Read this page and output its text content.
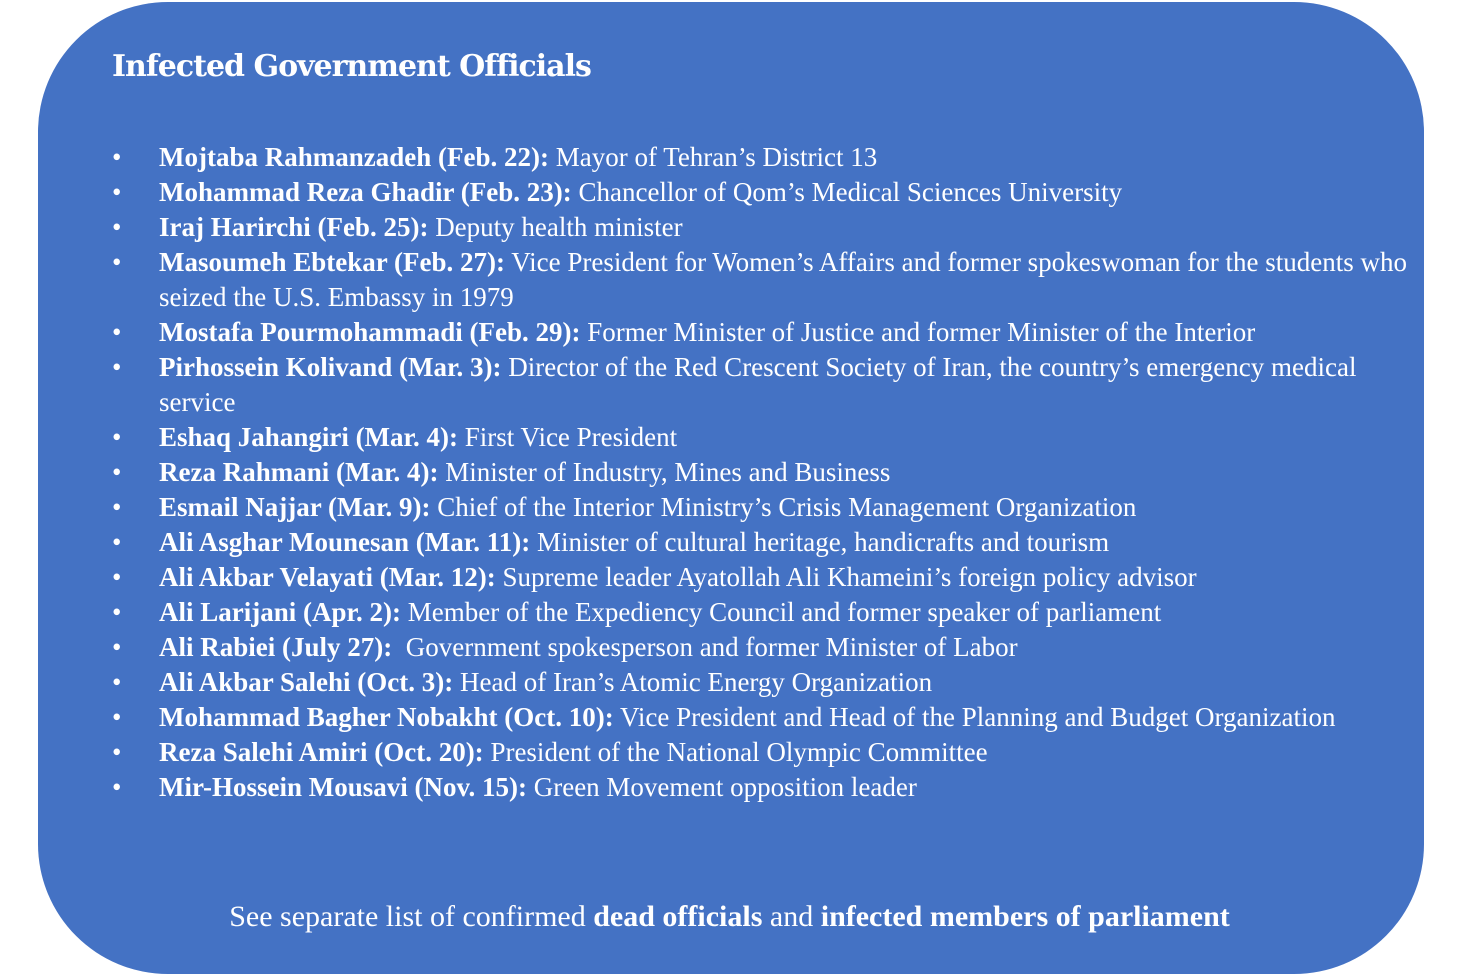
Infected Government Officials
• Mojtaba Rahmanzadeh (Feb. 22): Mayor of Tehran’s District 13
• Mohammad Reza Ghadir (Feb. 23): Chancellor of Qom’s Medical Sciences University
• Iraj Harirchi (Feb. 25): Deputy health minister
• Masoumeh Ebtekar (Feb. 27): Vice President for Women’s Affairs and former spokeswoman for the students who seized the U.S. Embassy in 1979
• Mostafa Pourmohammadi (Feb. 29): Former Minister of Justice and former Minister of the Interior
• Pirhossein Kolivand (Mar. 3): Director of the Red Crescent Society of Iran, the country’s emergency medical service
• Eshaq Jahangiri (Mar. 4): First Vice President
• Reza Rahmani (Mar. 4): Minister of Industry, Mines and Business
• Esmail Najjar (Mar. 9): Chief of the Interior Ministry’s Crisis Management Organization
• Ali Asghar Mounesan (Mar. 11): Minister of cultural heritage, handicrafts and tourism
• Ali Akbar Velayati (Mar. 12): Supreme leader Ayatollah Ali Khameini’s foreign policy advisor
• Ali Larijani (Apr. 2): Member of the Expediency Council and former speaker of parliament
• Ali Rabiei (July 27):  Government spokesperson and former Minister of Labor
• Ali Akbar Salehi (Oct. 3): Head of Iran’s Atomic Energy Organization
• Mohammad Bagher Nobakht (Oct. 10): Vice President and Head of the Planning and Budget Organization
• Reza Salehi Amiri (Oct. 20): President of the National Olympic Committee
• Mir-Hossein Mousavi (Nov. 15): Green Movement opposition leader

See separate list of confirmed dead officials and infected members of parliament
